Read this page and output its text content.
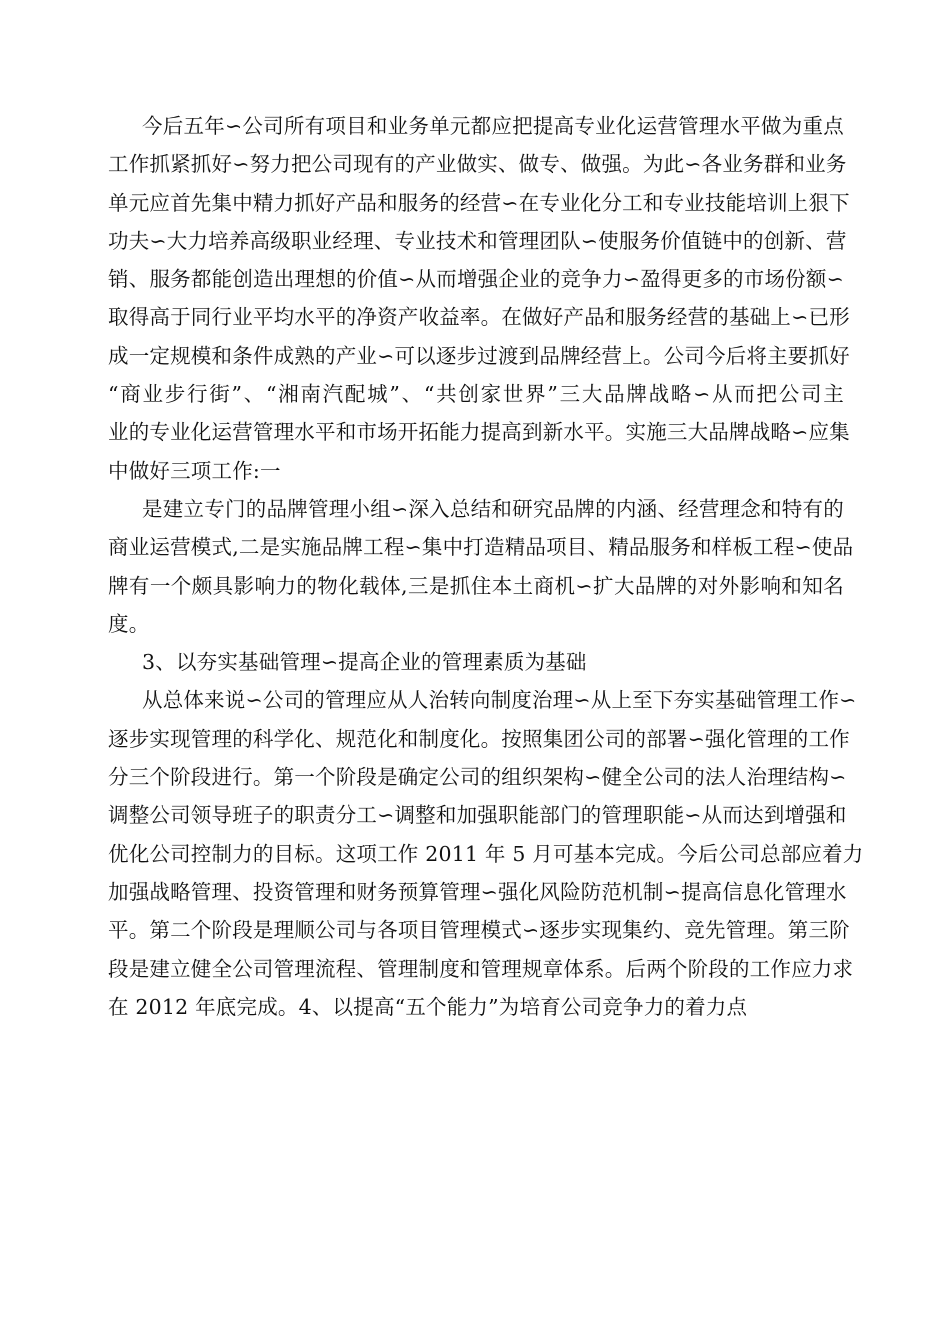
今后五年∽公司所有项目和业务单元都应把提高专业化运营管理水平做为重点
工作抓紧抓好∽努力把公司现有的产业做实、做专、做强。为此∽各业务群和业务
单元应首先集中精力抓好产品和服务的经营∽在专业化分工和专业技能培训上狠下
功夫∽大力培养高级职业经理、专业技术和管理团队∽使服务价值链中的创新、营
销、服务都能创造出理想的价值∽从而增强企业的竞争力∽盈得更多的市场份额∽
取得高于同行业平均水平的净资产收益率。在做好产品和服务经营的基础上∽已形
成一定规模和条件成熟的产业∽可以逐步过渡到品牌经营上。公司今后将主要抓好
“商业步行街”、“湘南汽配城”、“共创家世界”三大品牌战略∽从而把公司主
业的专业化运营管理水平和市场开拓能力提高到新水平。实施三大品牌战略∽应集
中做好三项工作:一
是建立专门的品牌管理小组∽深入总结和研究品牌的内涵、经营理念和特有的
商业运营模式,二是实施品牌工程∽集中打造精品项目、精品服务和样板工程∽使品
牌有一个颇具影响力的物化载体,三是抓住本土商机∽扩大品牌的对外影响和知名
度。
3、以夯实基础管理∽提高企业的管理素质为基础
从总体来说∽公司的管理应从人治转向制度治理∽从上至下夯实基础管理工作∽
逐步实现管理的科学化、规范化和制度化。按照集团公司的部署∽强化管理的工作
分三个阶段进行。第一个阶段是确定公司的组织架构∽健全公司的法人治理结构∽
调整公司领导班子的职责分工∽调整和加强职能部门的管理职能∽从而达到增强和
优化公司控制力的目标。这项工作 2011 年 5 月可基本完成。今后公司总部应着力
加强战略管理、投资管理和财务预算管理∽强化风险防范机制∽提高信息化管理水
平。第二个阶段是理顺公司与各项目管理模式∽逐步实现集约、竞先管理。第三阶
段是建立健全公司管理流程、管理制度和管理规章体系。后两个阶段的工作应力求
在 2012 年底完成。4、以提高“五个能力”为培育公司竞争力的着力点
